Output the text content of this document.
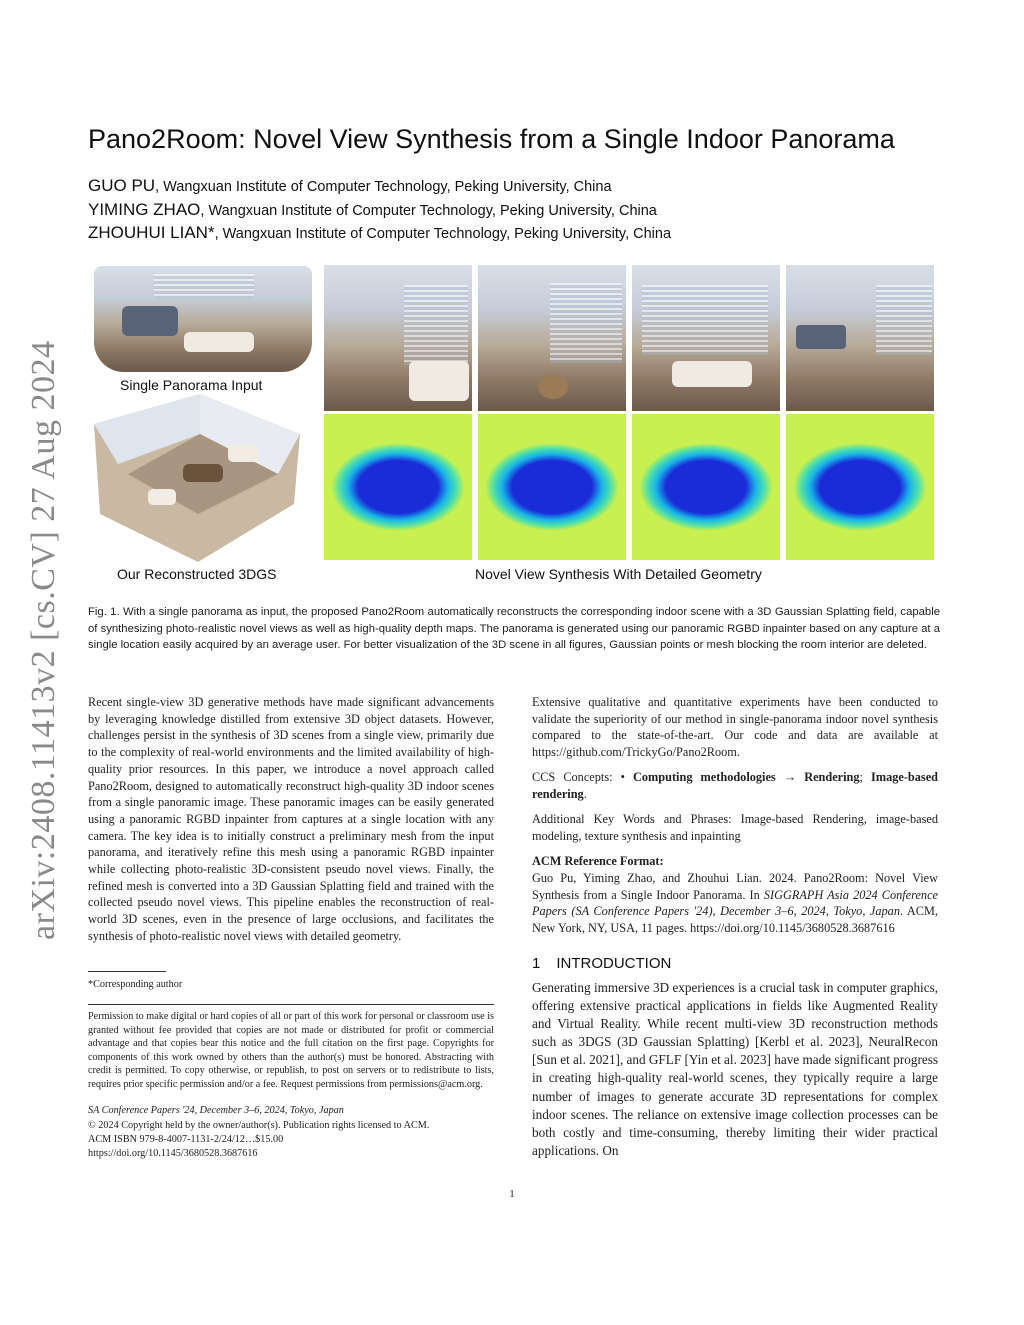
arXiv:2408.11413v2 [cs.CV] 27 Aug 2024
Pano2Room: Novel View Synthesis from a Single Indoor Panorama
GUO PU, Wangxuan Institute of Computer Technology, Peking University, China
YIMING ZHAO, Wangxuan Institute of Computer Technology, Peking University, China
ZHOUHUI LIAN*, Wangxuan Institute of Computer Technology, Peking University, China
Single Panorama Input
Our Reconstructed 3DGS	Novel View Synthesis With Detailed Geometry
Fig. 1. With a single panorama as input, the proposed Pano2Room automatically reconstructs the corresponding indoor scene with a 3D Gaussian Splatting field, capable of synthesizing photo-realistic novel views as well as high-quality depth maps. The panorama is generated using our panoramic RGBD inpainter based on any capture at a single location easily acquired by an average user. For better visualization of the 3D scene in all figures, Gaussian points or mesh blocking the room interior are deleted.
Recent single-view 3D generative methods have made significant advancements by leveraging knowledge distilled from extensive 3D object datasets. However, challenges persist in the synthesis of 3D scenes from a single view, primarily due to the complexity of real-world environments and the limited availability of high-quality prior resources. In this paper, we introduce a novel approach called Pano2Room, designed to automatically reconstruct high-quality 3D indoor scenes from a single panoramic image. These panoramic images can be easily generated using a panoramic RGBD inpainter from captures at a single location with any camera. The key idea is to initially construct a preliminary mesh from the input panorama, and iteratively refine this mesh using a panoramic RGBD inpainter while collecting photo-realistic 3D-consistent pseudo novel views. Finally, the refined mesh is converted into a 3D Gaussian Splatting field and trained with the collected pseudo novel views. This pipeline enables the reconstruction of real-world 3D scenes, even in the presence of large occlusions, and facilitates the synthesis of photo-realistic novel views with detailed geometry.
*Corresponding author
Permission to make digital or hard copies of all or part of this work for personal or classroom use is granted without fee provided that copies are not made or distributed for profit or commercial advantage and that copies bear this notice and the full citation on the first page. Copyrights for components of this work owned by others than the author(s) must be honored. Abstracting with credit is permitted. To copy otherwise, or republish, to post on servers or to redistribute to lists, requires prior specific permission and/or a fee. Request permissions from permissions@acm.org.
SA Conference Papers '24, December 3–6, 2024, Tokyo, Japan
© 2024 Copyright held by the owner/author(s). Publication rights licensed to ACM.
ACM ISBN 979-8-4007-1131-2/24/12…$15.00
https://doi.org/10.1145/3680528.3687616
Extensive qualitative and quantitative experiments have been conducted to validate the superiority of our method in single-panorama indoor novel synthesis compared to the state-of-the-art. Our code and data are available at https://github.com/TrickyGo/Pano2Room.
CCS Concepts: • Computing methodologies → Rendering; Image-based rendering.
Additional Key Words and Phrases: Image-based Rendering, image-based modeling, texture synthesis and inpainting
ACM Reference Format:
Guo Pu, Yiming Zhao, and Zhouhui Lian. 2024. Pano2Room: Novel View Synthesis from a Single Indoor Panorama. In SIGGRAPH Asia 2024 Conference Papers (SA Conference Papers '24), December 3–6, 2024, Tokyo, Japan. ACM, New York, NY, USA, 11 pages. https://doi.org/10.1145/3680528.3687616
1 INTRODUCTION
Generating immersive 3D experiences is a crucial task in computer graphics, offering extensive practical applications in fields like Augmented Reality and Virtual Reality. While recent multi-view 3D reconstruction methods such as 3DGS (3D Gaussian Splatting) [Kerbl et al. 2023], NeuralRecon [Sun et al. 2021], and GFLF [Yin et al. 2023] have made significant progress in creating high-quality real-world scenes, they typically require a large number of images to generate accurate 3D representations for complex indoor scenes. The reliance on extensive image collection processes can be both costly and time-consuming, thereby limiting their wider practical applications. On
1
